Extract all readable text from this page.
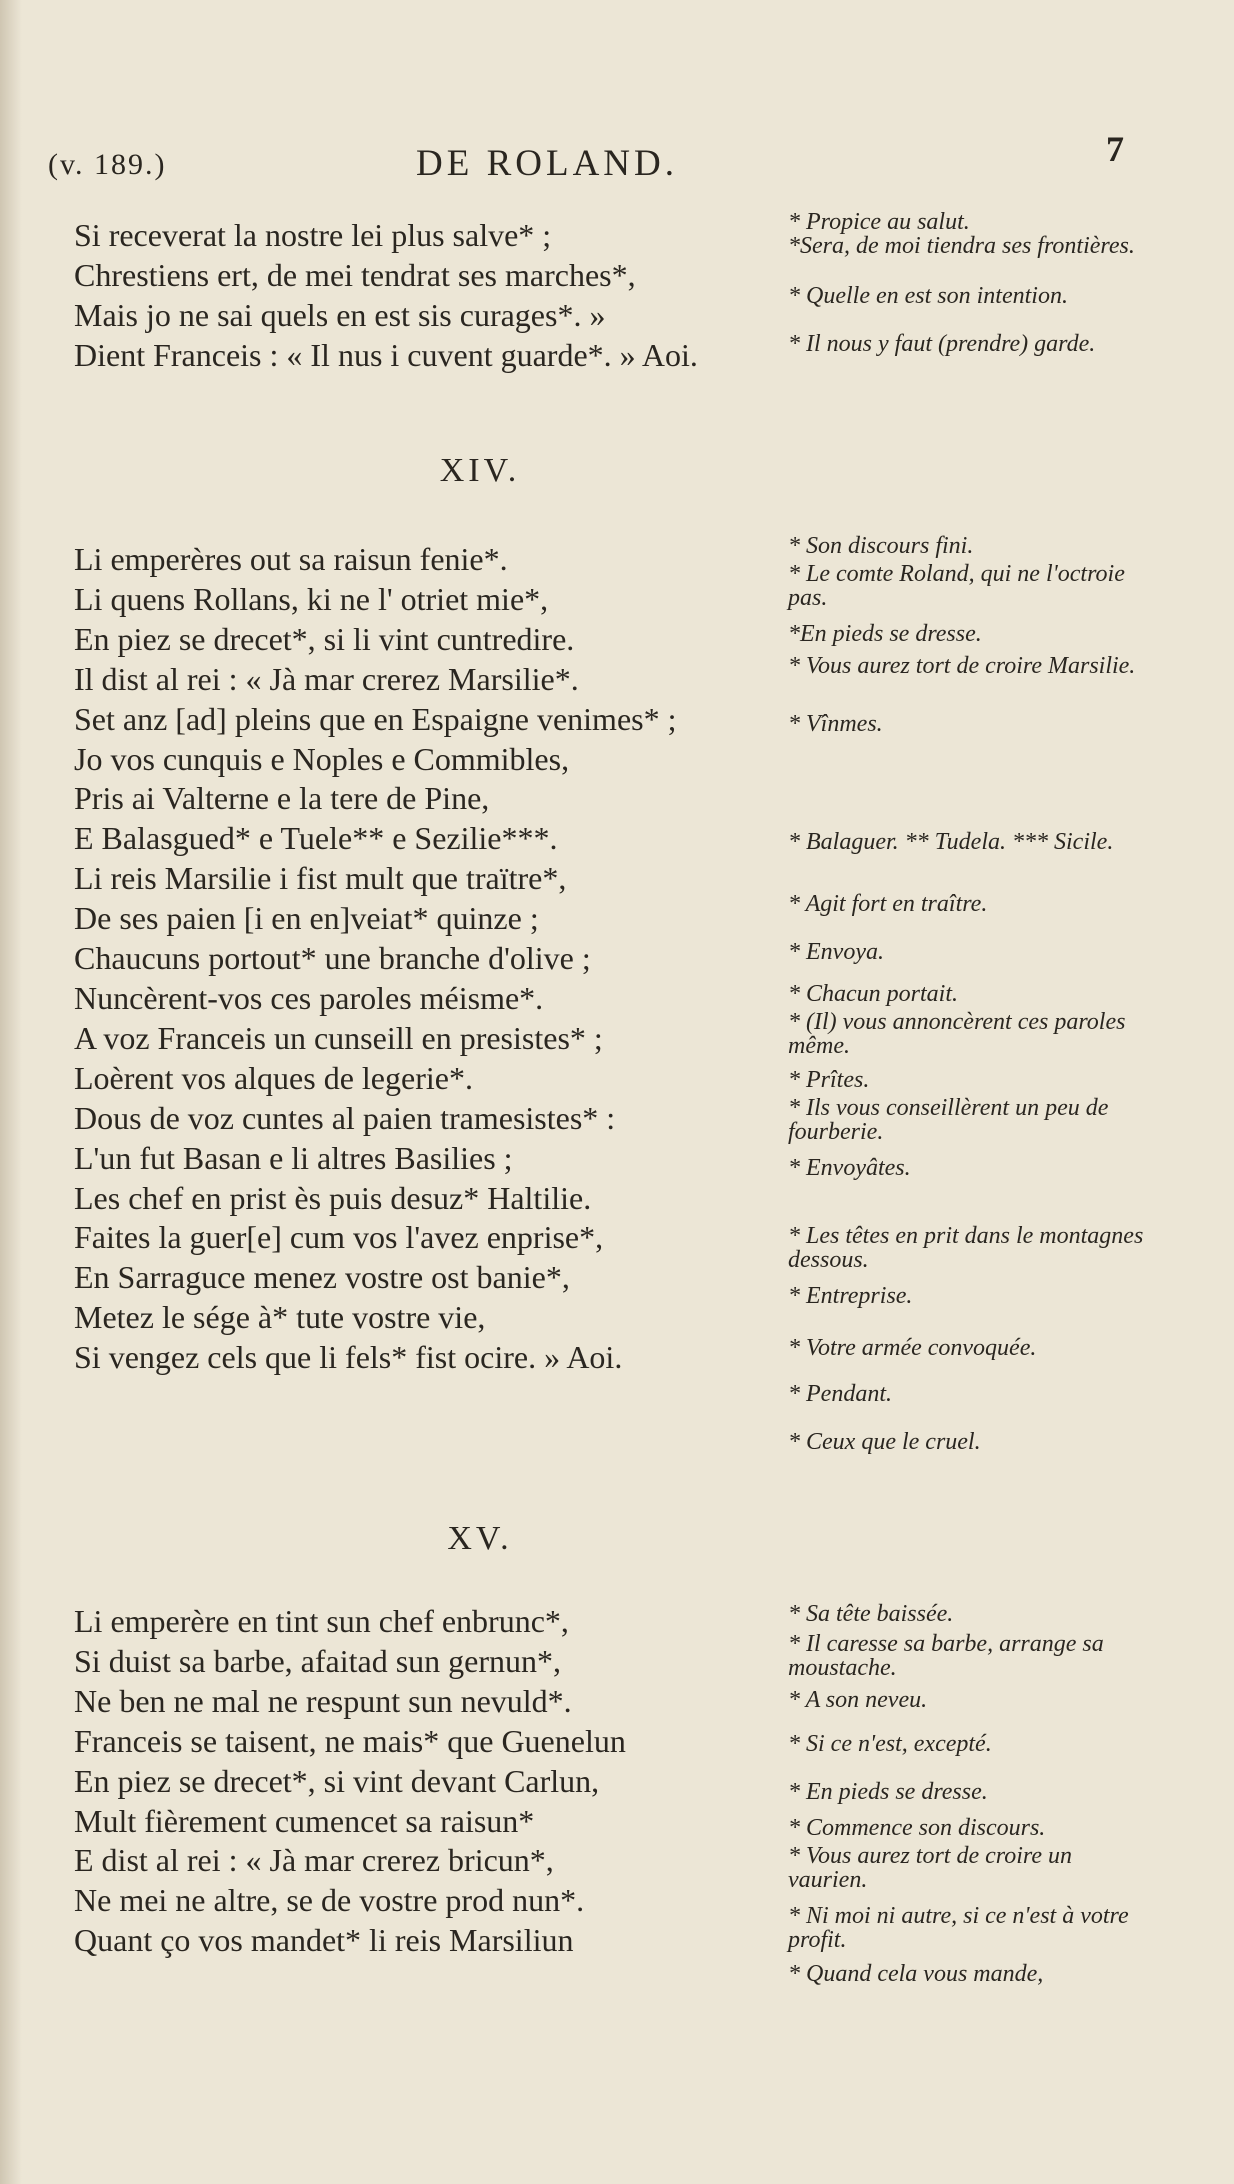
(v. 189.)	DE ROLAND.	7
Si receverat la nostre lei plus salve* ;
Chrestiens ert, de mei tendrat ses marches*,
Mais jo ne sai quels en est sis curages*. »
Dient Franceis : « Il nus i cuvent guarde*. » Aoi.
* Propice au salut.
*Sera, de moi tiendra ses frontières.
* Quelle en est son intention.
* Il nous y faut (prendre) garde.
XIV.
Li emperères out sa raisun fenie*.
Li quens Rollans, ki ne l' otriet mie*,
En piez se drecet*, si li vint cuntredire.
Il dist al rei : « Jà mar crerez Marsilie*.
Set anz [ad] pleins que en Espaigne venimes* ;
Jo vos cunquis e Noples e Commibles,
Pris ai Valterne e la tere de Pine,
E Balasgued* e Tuele** e Sezilie***.
Li reis Marsilie i fist mult que traïtre*,
De ses paien [i en en]veiat* quinze ;
Chaucuns portout* une branche d'olive ;
Nuncèrent-vos ces paroles méisme*.
A voz Franceis un cunseill en presistes* ;
Loèrent vos alques de legerie*.
Dous de voz cuntes al paien tramesistes* :
L'un fut Basan e li altres Basilies ;
Les chef en prist ès puis desuz* Haltilie.
Faites la guer[e] cum vos l'avez enprise*,
En Sarraguce menez vostre ost banie*,
Metez le sége à* tute vostre vie,
Si vengez cels que li fels* fist ocire. » Aoi.
* Son discours fini.
* Le comte Roland, qui ne l'octroie pas.
*En pieds se dresse.
* Vous aurez tort de croire Marsilie.
* Vînmes.
* Balaguer. ** Tudela. *** Sicile.
* Agit fort en traître.
* Envoya.
* Chacun portait.
* (Il) vous annoncèrent ces paroles même.
* Prîtes.
* Ils vous conseillèrent un peu de fourberie.
* Envoyâtes.
* Les têtes en prit dans le montagnes dessous.
* Entreprise.
* Votre armée convoquée.
* Pendant.
* Ceux que le cruel.
XV.
Li emperère en tint sun chef enbrunc*,
Si duist sa barbe, afaitad sun gernun*,
Ne ben ne mal ne respunt sun nevuld*.
Franceis se taisent, ne mais* que Guenelun
En piez se drecet*, si vint devant Carlun,
Mult fièrement cumencet sa raisun*
E dist al rei : « Jà mar crerez bricun*,
Ne mei ne altre, se de vostre prod nun*.
Quant ço vos mandet* li reis Marsiliun
* Sa tête baissée.
* Il caresse sa barbe, arrange sa moustache.
* A son neveu.
* Si ce n'est, excepté.
* En pieds se dresse.
* Commence son discours.
* Vous aurez tort de croire un vaurien.
* Ni moi ni autre, si ce n'est à votre profit.
* Quand cela vous mande,
